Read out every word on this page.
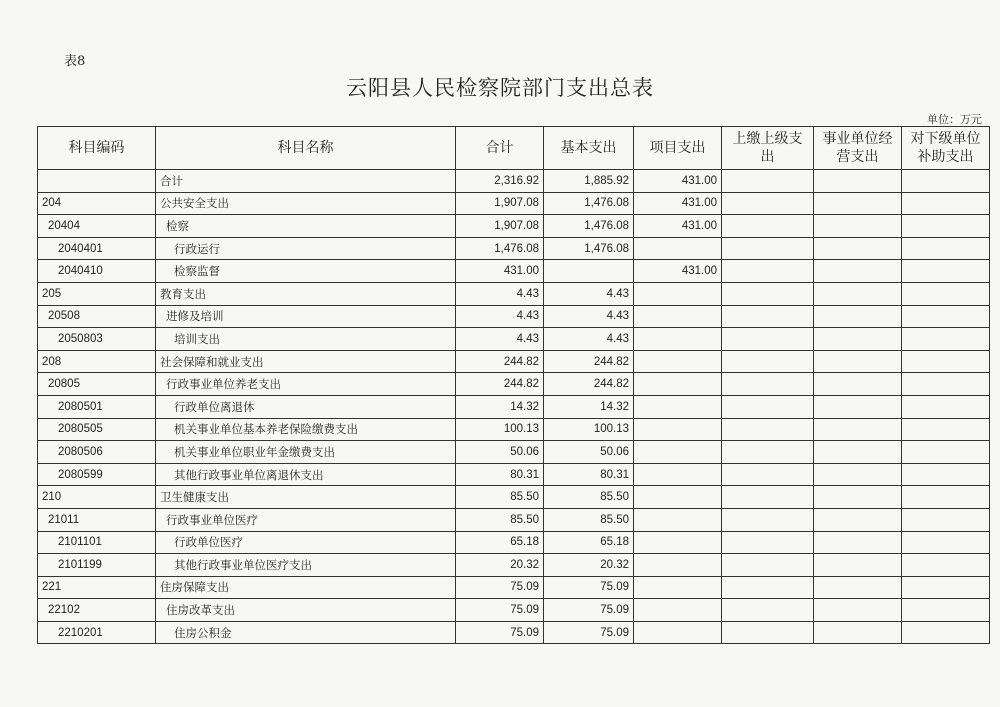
表8
云阳县人民检察院部门支出总表
单位：万元
科目编码	科目名称	合计	基本支出	项目支出	上缴上级支出	事业单位经营支出	对下级单位补助支出
	合计	2,316.92	1,885.92	431.00			
204	公共安全支出	1,907.08	1,476.08	431.00			
20404	检察	1,907.08	1,476.08	431.00			
2040401	行政运行	1,476.08	1,476.08				
2040410	检察监督	431.00		431.00			
205	教育支出	4.43	4.43				
20508	进修及培训	4.43	4.43				
2050803	培训支出	4.43	4.43				
208	社会保障和就业支出	244.82	244.82				
20805	行政事业单位养老支出	244.82	244.82				
2080501	行政单位离退休	14.32	14.32				
2080505	机关事业单位基本养老保险缴费支出	100.13	100.13				
2080506	机关事业单位职业年金缴费支出	50.06	50.06				
2080599	其他行政事业单位离退休支出	80.31	80.31				
210	卫生健康支出	85.50	85.50				
21011	行政事业单位医疗	85.50	85.50				
2101101	行政单位医疗	65.18	65.18				
2101199	其他行政事业单位医疗支出	20.32	20.32				
221	住房保障支出	75.09	75.09				
22102	住房改革支出	75.09	75.09				
2210201	住房公积金	75.09	75.09				
